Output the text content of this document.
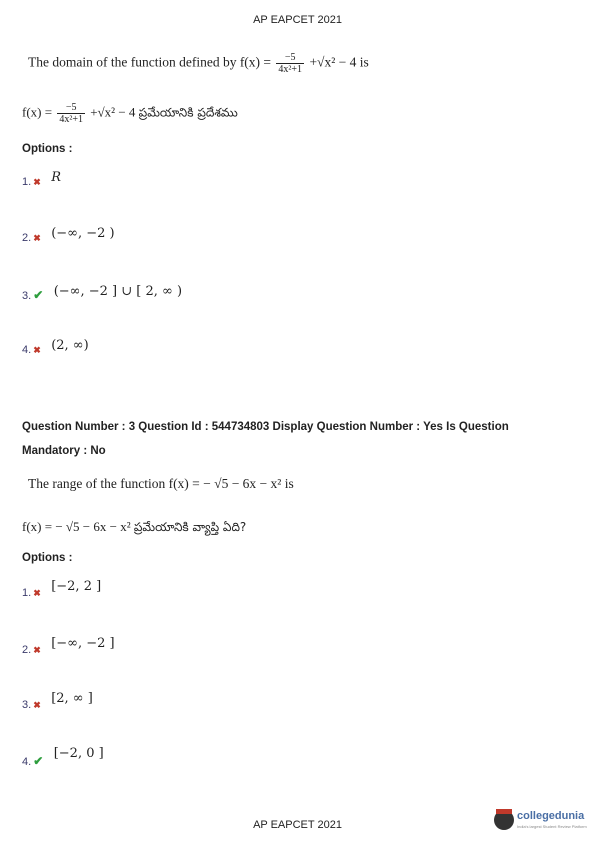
AP EAPCET 2021
The domain of the function defined by $f(x) = \frac{-5}{\text{4x²+1}} +√x^2 - 4$ is
$f(x) = \frac{-5}{\text{4x²+1}} +√x^2 - 4$ ప్రమేయానికి ప్రదేశము
Options :
1. ✖ $^R$
2. ✖ $^{(-\infty, -2 )}$
3. ✔ $^{(-\infty, -2 ] \cup [ 2, \infty )}$
4. ✖ $^{(2, \infty)}$
Question Number : 3 Question Id : 544734803 Display Question Number : Yes Is Question
Mandatory : No
The range of the function f(x) = − √5 − 6x − x² is
f(x) = − √5 − 6x − x² ప్రమేయానికి వ్యాప్తి ఏది?
Options :
1. ✖ [−2, 2 ]
2. ✖ [−∞, −2 ]
3. ✖ [2, ∞ ]
4. ✔ [−2, 0 ]
AP EAPCET 2021
collegedunia
India's largest Student Review Platform
